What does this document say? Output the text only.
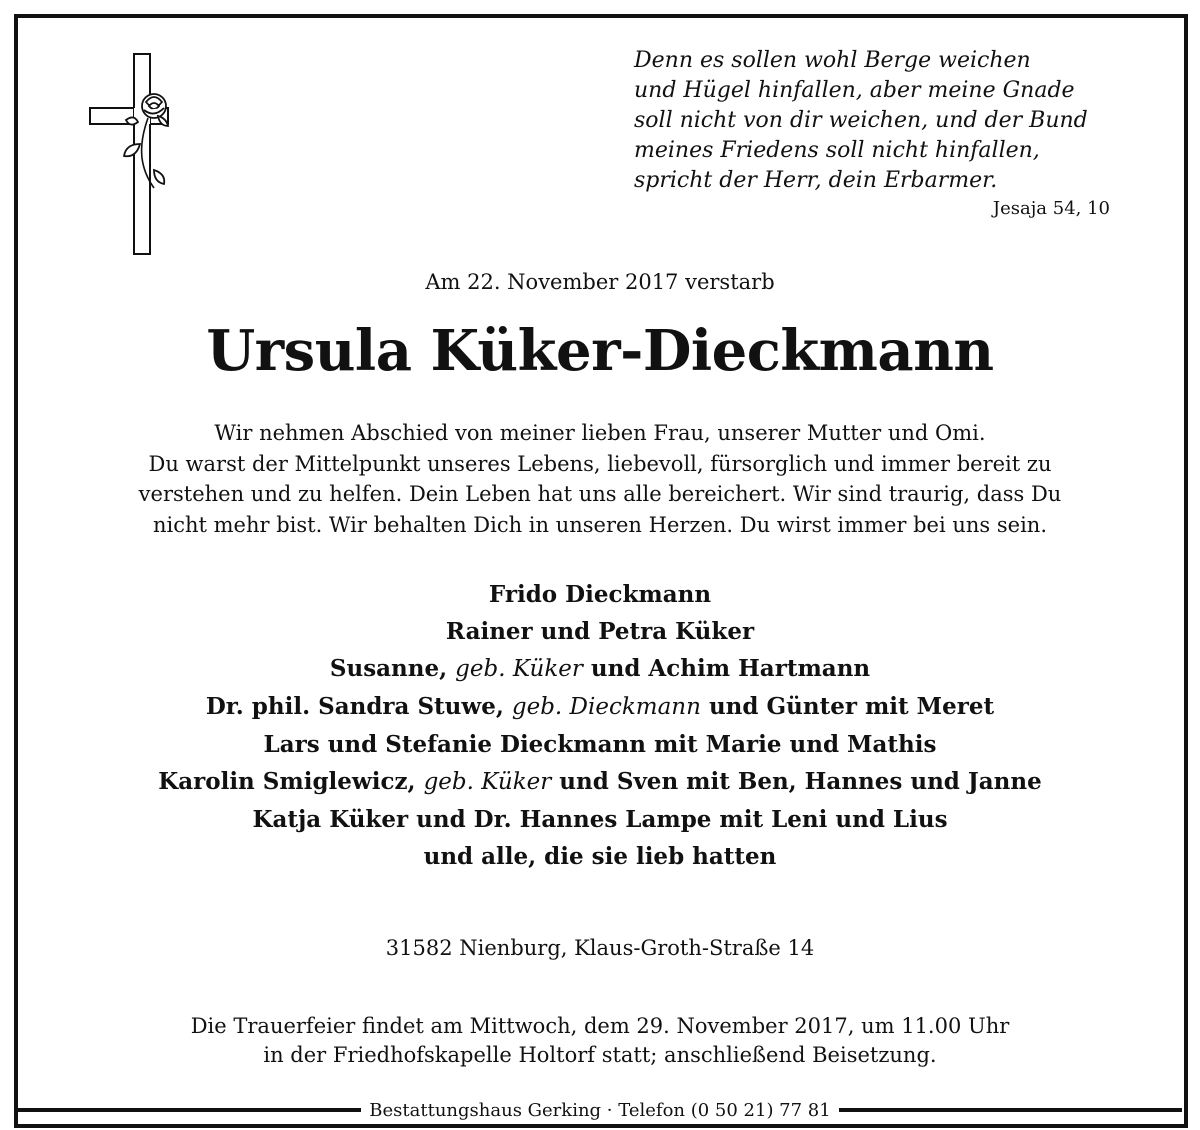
Denn es sollen wohl Berge weichen
und Hügel hinfallen, aber meine Gnade
soll nicht von dir weichen, und der Bund
meines Friedens soll nicht hinfallen,
spricht der Herr, dein Erbarmer.
Jesaja 54, 10
Am 22. November 2017 verstarb
Ursula Küker-Dieckmann
Wir nehmen Abschied von meiner lieben Frau, unserer Mutter und Omi.
Du warst der Mittelpunkt unseres Lebens, liebevoll, fürsorglich und immer bereit zu
verstehen und zu helfen. Dein Leben hat uns alle bereichert. Wir sind traurig, dass Du
nicht mehr bist. Wir behalten Dich in unseren Herzen. Du wirst immer bei uns sein.
Frido Dieckmann
Rainer und Petra Küker
Susanne, geb. Küker und Achim Hartmann
Dr. phil. Sandra Stuwe, geb. Dieckmann und Günter mit Meret
Lars und Stefanie Dieckmann mit Marie und Mathis
Karolin Smiglewicz, geb. Küker und Sven mit Ben, Hannes und Janne
Katja Küker und Dr. Hannes Lampe mit Leni und Lius
und alle, die sie lieb hatten
31582 Nienburg, Klaus-Groth-Straße 14
Die Trauerfeier findet am Mittwoch, dem 29. November 2017, um 11.00 Uhr
in der Friedhofskapelle Holtorf statt; anschließend Beisetzung.
Bestattungshaus Gerking · Telefon (0 50 21) 77 81
